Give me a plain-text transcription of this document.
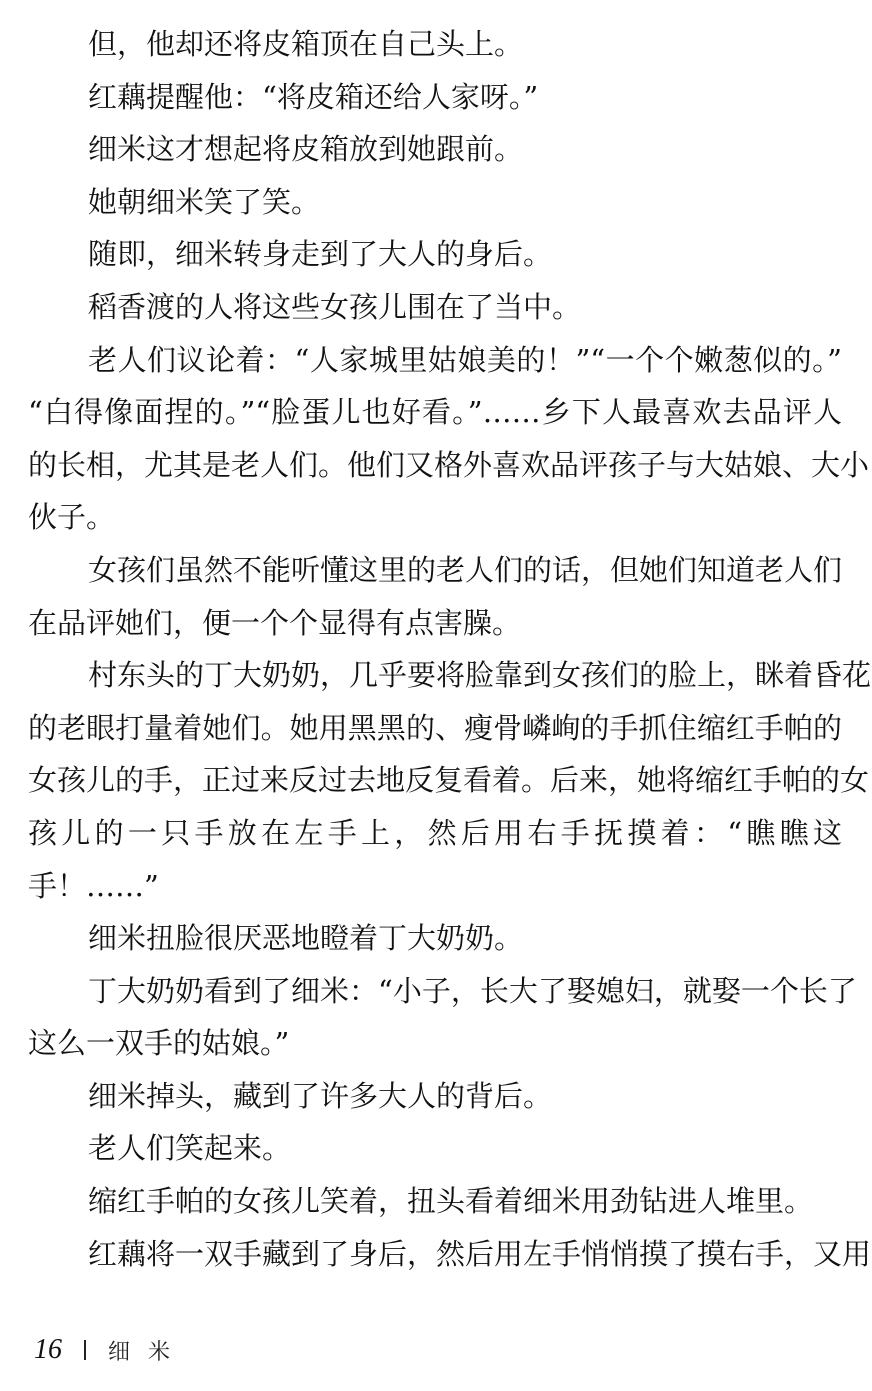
但，他却还将皮箱顶在自己头上。
红藕提醒他：“将皮箱还给人家呀。”
细米这才想起将皮箱放到她跟前。
她朝细米笑了笑。
随即，细米转身走到了大人的身后。
稻香渡的人将这些女孩儿围在了当中。
老人们议论着：“人家城里姑娘美的！”“一个个嫩葱似的。”
“白得像面捏的。”“脸蛋儿也好看。”……乡下人最喜欢去品评人
的长相，尤其是老人们。他们又格外喜欢品评孩子与大姑娘、大小
伙子。
女孩们虽然不能听懂这里的老人们的话，但她们知道老人们
在品评她们，便一个个显得有点害臊。
村东头的丁大奶奶，几乎要将脸靠到女孩们的脸上，眯着昏花
的老眼打量着她们。她用黑黑的、瘦骨嶙峋的手抓住缩红手帕的
女孩儿的手，正过来反过去地反复看着。后来，她将缩红手帕的女
孩儿的一只手放在左手上，然后用右手抚摸着：“瞧瞧这
手！……”
细米扭脸很厌恶地瞪着丁大奶奶。
丁大奶奶看到了细米：“小子，长大了娶媳妇，就娶一个长了
这么一双手的姑娘。”
细米掉头，藏到了许多大人的背后。
老人们笑起来。
缩红手帕的女孩儿笑着，扭头看着细米用劲钻进人堆里。
红藕将一双手藏到了身后，然后用左手悄悄摸了摸右手，又用
16 细米
